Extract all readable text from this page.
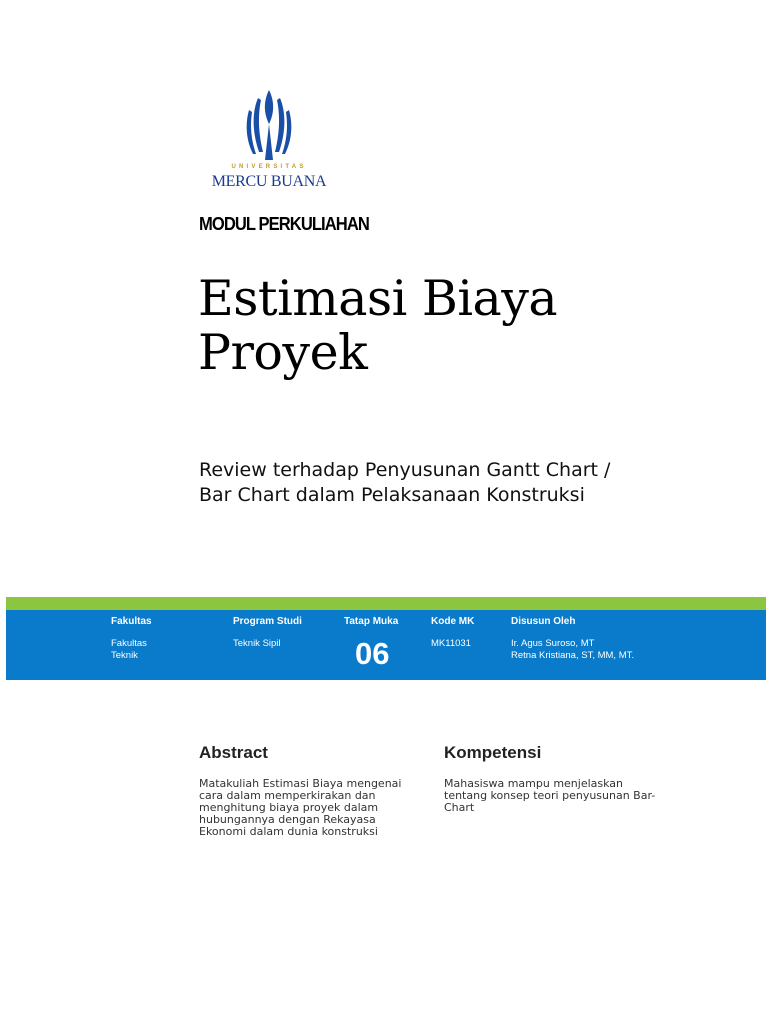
UNIVERSITAS
MERCU BUANA
MODUL PERKULIAHAN
Estimasi Biaya
Proyek
Review terhadap Penyusunan Gantt Chart /
Bar Chart dalam Pelaksanaan Konstruksi
Fakultas
Fakultas
Teknik
Program Studi
Teknik Sipil
Tatap Muka
06
Kode MK
MK11031
Disusun Oleh
Ir. Agus Suroso, MT
Retna Kristiana, ST, MM, MT.
Abstract
Matakuliah Estimasi Biaya mengenai
cara dalam memperkirakan dan
menghitung biaya proyek dalam
hubungannya dengan Rekayasa
Ekonomi dalam dunia konstruksi
Kompetensi
Mahasiswa mampu menjelaskan
tentang konsep teori penyusunan Bar-
Chart
